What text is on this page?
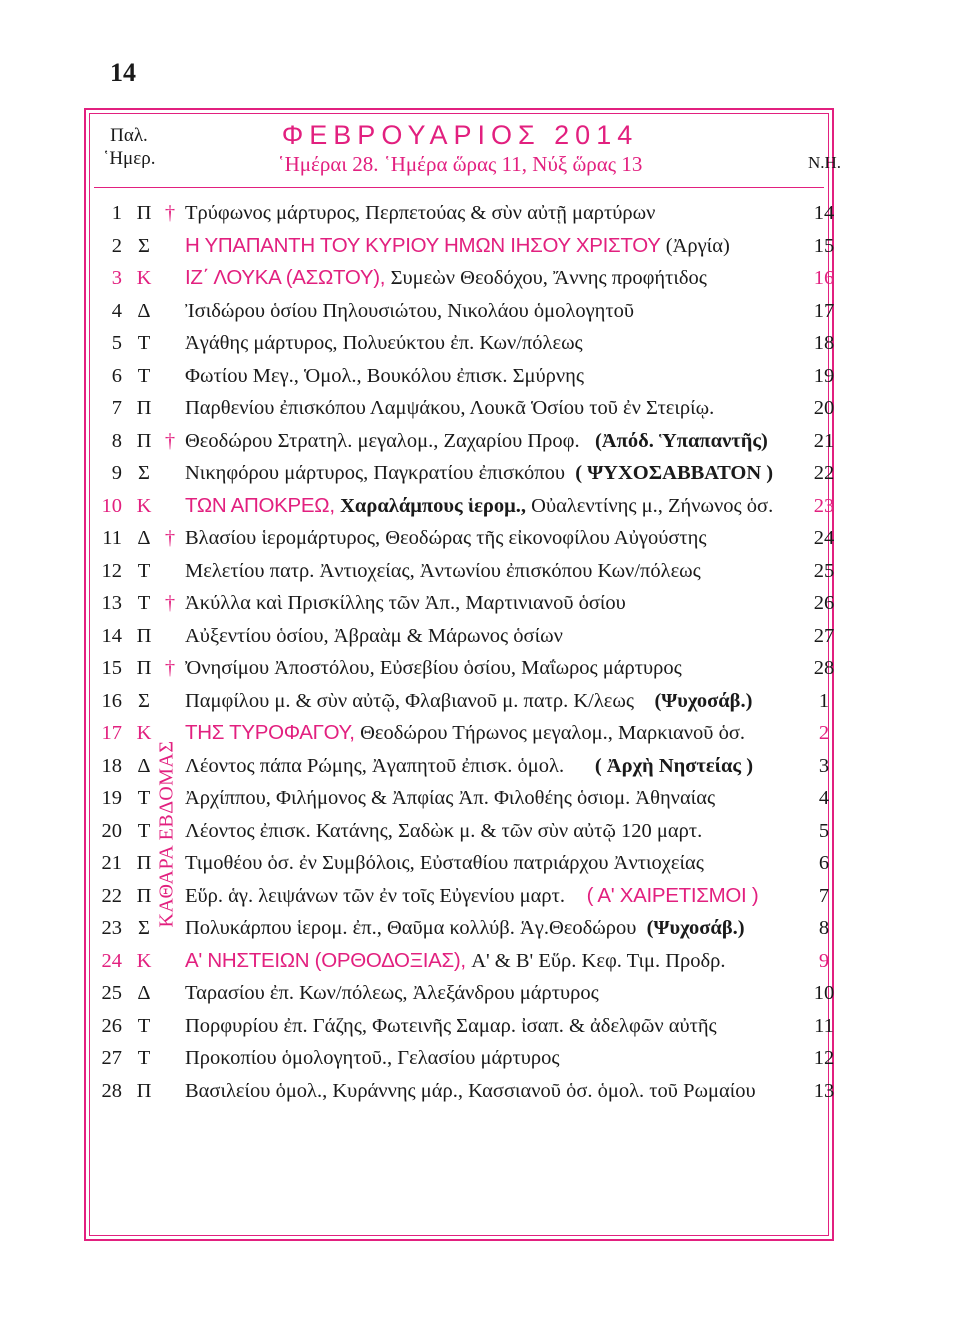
14
Παλ.
῾Ημερ.
ΦΕΒΡΟΥΑΡΙΟΣ 2014
῾Ημέραι 28. ῾Ημέρα ὥρας 11, Νύξ ὥρας 13	Ν.Η.
1 Π † Τρύφωνος μάρτυρος, Περπετούας & σὺν αὐτῇ μαρτύρων	14
2 Σ Η ΥΠΑΠΑΝΤΗ ΤΟΥ ΚΥΡΙΟΥ ΗΜΩΝ ΙΗΣΟΥ ΧΡΙΣΤΟΥ (Ἀργία)	15
3 Κ ΙΖ΄ ΛΟΥΚΑ (ΑΣΩΤΟΥ), Συμεὼν Θεοδόχου, Ἄννης προφήτιδος	16
4 Δ Ἰσιδώρου ὁσίου Πηλουσιώτου, Νικολάου ὁμολογητοῦ	17
5 Τ Ἀγάθης μάρτυρος, Πολυεύκτου ἐπ. Κων/πόλεως	18
6 Τ Φωτίου Μεγ., Ὁμολ., Βουκόλου ἐπισκ. Σμύρνης	19
7 Π Παρθενίου ἐπισκόπου Λαμψάκου, Λουκᾶ Ὁσίου τοῦ ἐν Στειρίῳ.	20
8 Π † Θεοδώρου Στρατηλ. μεγαλομ., Ζαχαρίου Προφ.   (Ἀπόδ. Ὑπαπαντῆς)	21
9 Σ Νικηφόρου μάρτυρος, Παγκρατίου ἐπισκόπου  ( ΨΥΧΟΣΑΒΒΑΤΟΝ )	22
10 Κ ΤΩΝ ΑΠΟΚΡΕΩ, Χαραλάμπους ἱερομ., Οὐαλεντίνης μ., Ζήνωνος ὁσ.	23
11 Δ † Βλασίου ἱερομάρτυρος, Θεοδώρας τῆς εἰκονοφίλου Αὐγούστης	24
12 Τ Μελετίου πατρ. Ἀντιοχείας, Ἀντωνίου ἐπισκόπου Κων/πόλεως	25
13 Τ † Ἀκύλλα καὶ Πρισκίλλης τῶν Ἀπ., Μαρτινιανοῦ ὁσίου	26
14 Π Αὐξεντίου ὁσίου, Ἀβραὰμ & Μάρωνος ὁσίων	27
15 Π † Ὀνησίμου Ἀποστόλου, Εὐσεβίου ὁσίου, Μαΐωρος μάρτυρος	28
16 Σ Παμφίλου μ. & σὺν αὐτῷ, Φλαβιανοῦ μ. πατρ. Κ/λεως    (Ψυχοσάβ.)	1
17 Κ ΤΗΣ ΤΥΡΟΦΑΓΟΥ, Θεοδώρου Τήρωνος μεγαλομ., Μαρκιανοῦ ὁσ.	2
18 Δ Λέοντος πάπα Ρώμης, Ἀγαπητοῦ ἐπισκ. ὁμολ.      ( Ἀρχὴ Νηστείας )	3
19 Τ Ἀρχίππου, Φιλήμονος & Ἀπφίας Ἀπ. Φιλοθέης ὁσιομ. Ἀθηναίας	4
20 Τ Λέοντος ἐπισκ. Κατάνης, Σαδὼκ μ. & τῶν σὺν αὐτῷ 120 μαρτ.	5
21 Π Τιμοθέου ὁσ. ἐν Συμβόλοις, Εὐσταθίου πατριάρχου Ἀντιοχείας	6
22 Π Εὕρ. ἁγ. λειψάνων τῶν ἐν τοῖς Εὐγενίου μαρτ.    ( Α' ΧΑΙΡΕΤΙΣΜΟΙ )	7
23 Σ Πολυκάρπου ἱερομ. ἐπ., Θαῦμα κολλύβ. Ἁγ.Θεοδώρου  (Ψυχοσάβ.)	8
24 Κ Α' ΝΗΣΤΕΙΩΝ (ΟΡΘΟΔΟΞΙΑΣ), Α' & Β' Εὕρ. Κεφ. Τιμ. Προδρ.	9
25 Δ Ταρασίου ἐπ. Κων/πόλεως, Ἀλεξάνδρου μάρτυρος	10
26 Τ Πορφυρίου ἐπ. Γάζης, Φωτεινῆς Σαμαρ. ἰσαπ. & ἀδελφῶν αὐτῆς	11
27 Τ Προκοπίου ὁμολογητοῦ., Γελασίου μάρτυρος	12
28 Π Βασιλείου ὁμολ., Κυράννης μάρ., Κασσιανοῦ ὁσ. ὁμολ. τοῦ Ρωμαίου	13
ΚΑΘΑΡΑ ΕΒΔΟΜΑΣ
